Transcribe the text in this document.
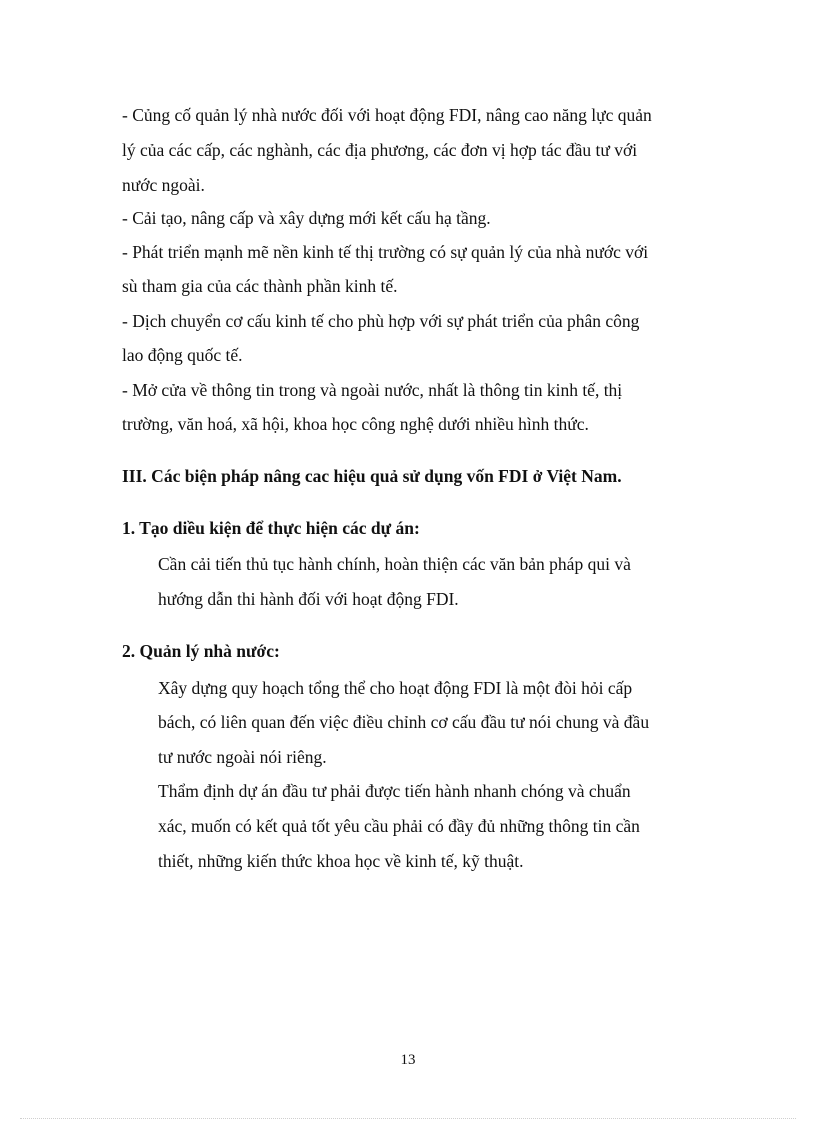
- Củng cố quản lý nhà nước đối với hoạt động FDI, nâng cao năng lực quản
lý của các cấp, các nghành, các địa phương, các đơn vị hợp tác đầu tư với
nước ngoài.
- Cải tạo, nâng cấp và xây dựng mới kết cấu hạ tầng.
- Phát triển mạnh mẽ nền kinh tế thị trường có sự quản lý của nhà nước với
sù tham gia của các thành phần kinh tế.
- Dịch chuyển cơ cấu kinh tế cho phù hợp với sự phát triển của phân công
lao động quốc tế.
- Mở cửa về thông tin trong và ngoài nước, nhất là thông tin kinh tế, thị
trường, văn hoá, xã hội, khoa học công nghệ dưới nhiều hình thức.
III. Các biện pháp nâng cac hiệu quả sử dụng vốn FDI ở Việt Nam.
1. Tạo diều kiện để thực hiện các dự án:
Cần cải tiến thủ tục hành chính, hoàn thiện các văn bản pháp qui và
hướng dẫn thi hành đối với hoạt động FDI.
2. Quản lý nhà nước:
Xây dựng quy hoạch tổng thể cho hoạt động FDI là một đòi hỏi cấp
bách, có liên quan đến việc điều chỉnh cơ cấu đầu tư nói chung và đầu
tư nước ngoài nói riêng.
Thẩm định dự án đầu tư phải được tiến hành nhanh chóng và chuẩn
xác, muốn có kết quả tốt yêu cầu phải có đầy đủ những thông tin cần
thiết, những kiến thức khoa học về kinh tế, kỹ thuật.
13
